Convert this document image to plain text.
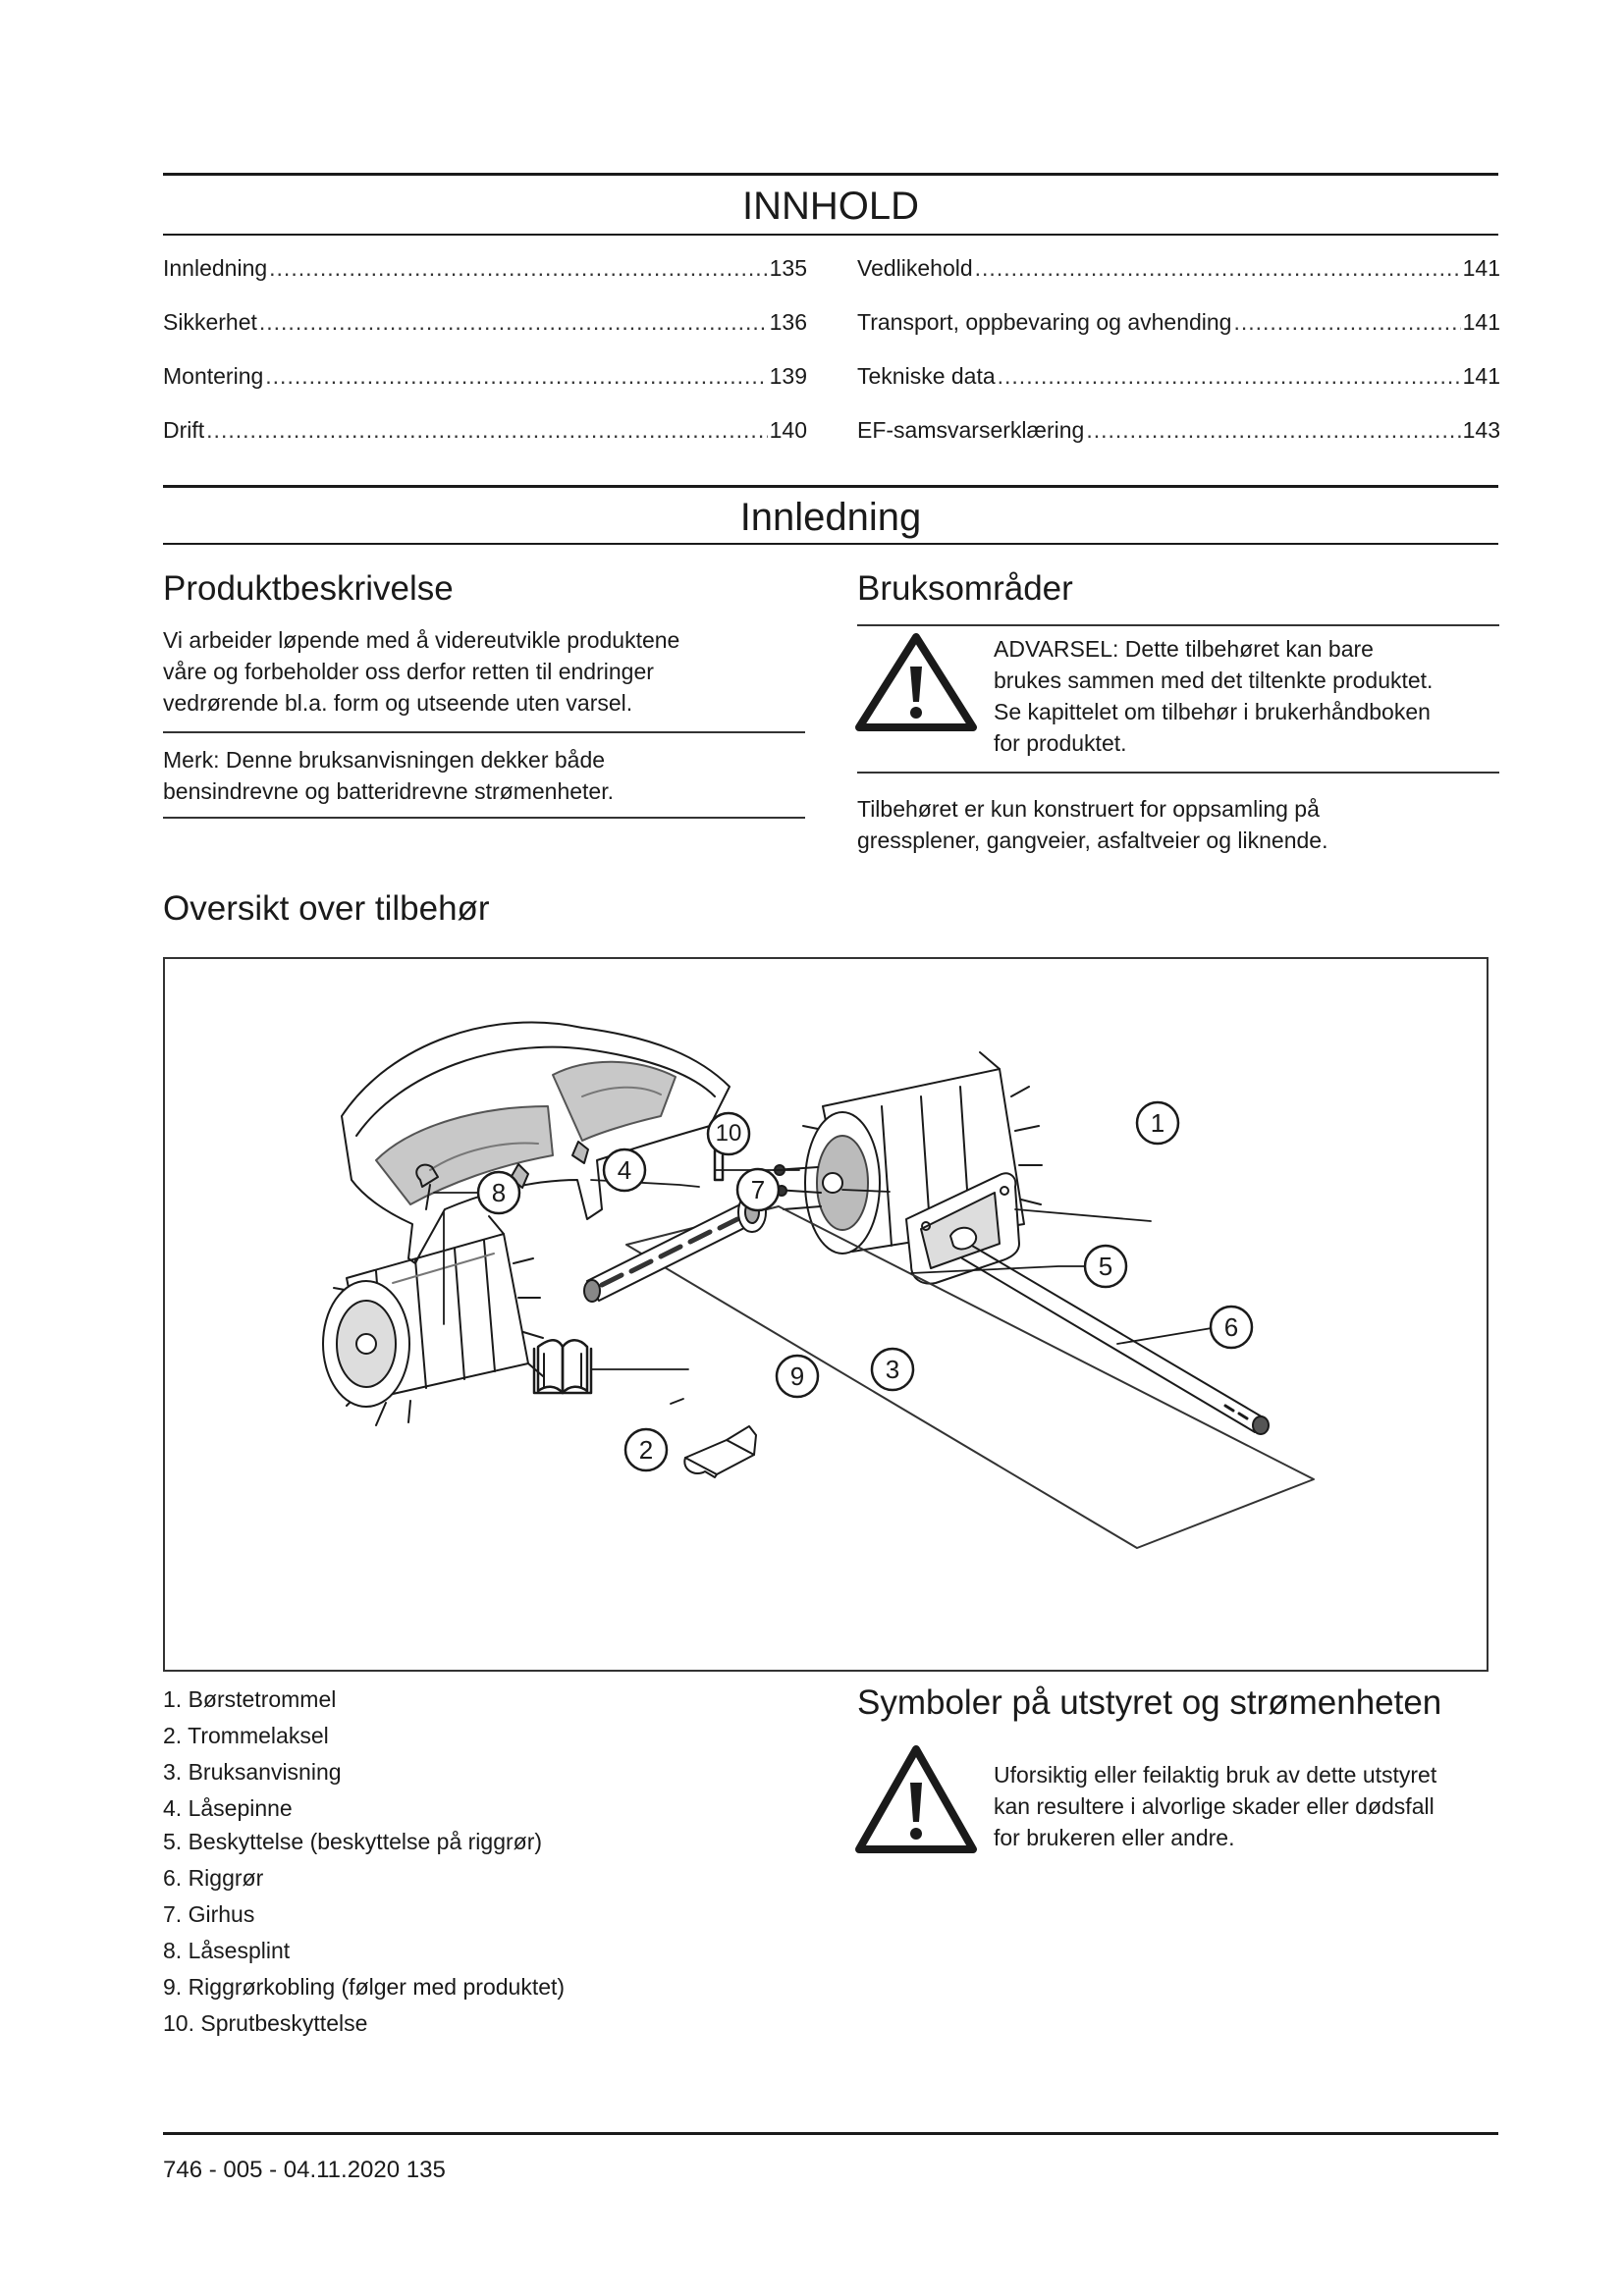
INNHOLD
Innledning .....	135
Sikkerhet .....	136
Montering .....	139
Drift .....	140
Vedlikehold .....	141
Transport, oppbevaring og avhending .....	141
Tekniske data .....	141
EF-samsvarserklæring .....	143
Innledning
Produktbeskrivelse
Vi arbeider løpende med å videreutvikle produktene
våre og forbeholder oss derfor retten til endringer
vedrørende bl.a. form og utseende uten varsel.
Merk: Denne bruksanvisningen dekker både
bensindrevne og batteridrevne strømenheter.
Bruksområder
ADVARSEL: Dette tilbehøret kan bare
brukes sammen med det tiltenkte produktet.
Se kapittelet om tilbehør i brukerhåndboken
for produktet.
Tilbehøret er kun konstruert for oppsamling på
gressplener, gangveier, asfaltveier og liknende.
Oversikt over tilbehør
1
2
3
4
5
6
7
8
9
10
1. Børstetrommel
2. Trommelaksel
3. Bruksanvisning
4. Låsepinne
5. Beskyttelse (beskyttelse på riggrør)
6. Riggrør
7. Girhus
8. Låsesplint
9. Riggrørkobling (følger med produktet)
10. Sprutbeskyttelse
Symboler på utstyret og strømenheten
Uforsiktig eller feilaktig bruk av dette utstyret
kan resultere i alvorlige skader eller dødsfall
for brukeren eller andre.
746 - 005 - 04.11.2020 135
